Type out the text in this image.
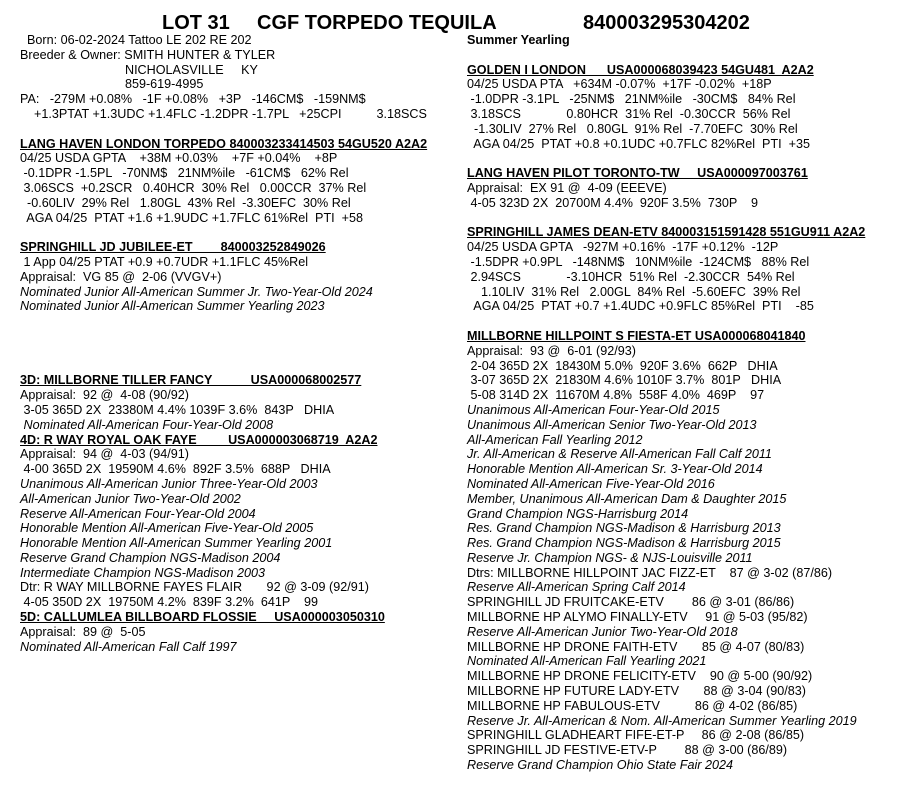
LOT 31 CGF TORPEDO TEQUILA	840003295304202
Born: 06-02-2024 Tattoo LE 202 RE 202
Breeder & Owner: SMITH HUNTER & TYLER
NICHOLASVILLE     KY
859-619-4995
PA:   -279M +0.08%   -1F +0.08%   +3P   -146CM$   -159NM$
+1.3PTAT +1.3UDC +1.4FLC -1.2DPR -1.7PL   +25CPI          3.18SCS
LANG HAVEN LONDON TORPEDO 840003233414503 54GU520 A2A2
04/25 USDA GPTA    +38M +0.03%    +7F +0.04%    +8P
-0.1DPR -1.5PL   -70NM$   21NM%ile   -61CM$   62% Rel
3.06SCS  +0.2SCR   0.40HCR  30% Rel   0.00CCR  37% Rel
-0.60LIV  29% Rel   1.80GL  43% Rel  -3.30EFC  30% Rel
AGA 04/25  PTAT +1.6 +1.9UDC +1.7FLC 61%Rel  PTI  +58
SPRINGHILL JD JUBILEE-ET        840003252849026
1 App 04/25 PTAT +0.9 +0.7UDR +1.1FLC 45%Rel
Appraisal:  VG 85 @  2-06 (VVGV+)
Nominated Junior All-American Summer Jr. Two-Year-Old 2024
Nominated Junior All-American Summer Yearling 2023
3D: MILLBORNE TILLER FANCY           USA000068002577
Appraisal:  92 @  4-08 (90/92)
3-05 365D 2X  23380M 4.4% 1039F 3.6%  843P   DHIA
Nominated All-American Four-Year-Old 2008
4D: R WAY ROYAL OAK FAYE         USA000003068719  A2A2
Appraisal:  94 @  4-03 (94/91)
4-00 365D 2X  19590M 4.6%  892F 3.5%  688P   DHIA
Unanimous All-American Junior Three-Year-Old 2003
All-American Junior Two-Year-Old 2002
Reserve All-American Four-Year-Old 2004
Honorable Mention All-American Five-Year-Old 2005
Honorable Mention All-American Summer Yearling 2001
Reserve Grand Champion NGS-Madison 2004
Intermediate Champion NGS-Madison 2003
Dtr: R WAY MILLBORNE FAYES FLAIR       92 @ 3-09 (92/91)
4-05 350D 2X  19750M 4.2%  839F 3.2%  641P    99
5D: CALLUMLEA BILLBOARD FLOSSIE     USA000003050310
Appraisal:  89 @  5-05
Nominated All-American Fall Calf 1997
Summer Yearling
GOLDEN I LONDON      USA000068039423 54GU481  A2A2
04/25 USDA PTA   +634M -0.07%  +17F -0.02%  +18P
-1.0DPR -3.1PL   -25NM$   21NM%ile   -30CM$   84% Rel
3.18SCS             0.80HCR  31% Rel  -0.30CCR  56% Rel
-1.30LIV  27% Rel   0.80GL  91% Rel  -7.70EFC  30% Rel
AGA 04/25  PTAT +0.8 +0.1UDC +0.7FLC 82%Rel  PTI  +35
LANG HAVEN PILOT TORONTO-TW     USA000097003761
Appraisal:  EX 91 @  4-09 (EEEVE)
4-05 323D 2X  20700M 4.4%  920F 3.5%  730P    9
SPRINGHILL JAMES DEAN-ETV 840003151591428 551GU911 A2A2
04/25 USDA GPTA   -927M +0.16%  -17F +0.12%  -12P
-1.5DPR +0.9PL   -148NM$   10NM%ile  -124CM$   88% Rel
2.94SCS             -3.10HCR  51% Rel  -2.30CCR  54% Rel
1.10LIV  31% Rel   2.00GL  84% Rel  -5.60EFC  39% Rel
AGA 04/25  PTAT +0.7 +1.4UDC +0.9FLC 85%Rel  PTI    -85
MILLBORNE HILLPOINT S FIESTA-ET USA000068041840
Appraisal:  93 @  6-01 (92/93)
2-04 365D 2X  18430M 5.0%  920F 3.6%  662P   DHIA
3-07 365D 2X  21830M 4.6% 1010F 3.7%  801P   DHIA
5-08 314D 2X  11670M 4.8%  558F 4.0%  469P    97
Unanimous All-American Four-Year-Old 2015
Unanimous All-American Senior Two-Year-Old 2013
All-American Fall Yearling 2012
Jr. All-American & Reserve All-American Fall Calf 2011
Honorable Mention All-American Sr. 3-Year-Old 2014
Nominated All-American Five-Year-Old 2016
Member, Unanimous All-American Dam & Daughter 2015
Grand Champion NGS-Harrisburg 2014
Res. Grand Champion NGS-Madison & Harrisburg 2013
Res. Grand Champion NGS-Madison & Harrisburg 2015
Reserve Jr. Champion NGS- & NJS-Louisville 2011
Dtrs: MILLBORNE HILLPOINT JAC FIZZ-ET    87 @ 3-02 (87/86)
Reserve All-American Spring Calf 2014
SPRINGHILL JD FRUITCAKE-ETV        86 @ 3-01 (86/86)
MILLBORNE HP ALYMO FINALLY-ETV     91 @ 5-03 (95/82)
Reserve All-American Junior Two-Year-Old 2018
MILLBORNE HP DRONE FAITH-ETV       85 @ 4-07 (80/83)
Nominated All-American Fall Yearling 2021
MILLBORNE HP DRONE FELICITY-ETV    90 @ 5-00 (90/92)
MILLBORNE HP FUTURE LADY-ETV       88 @ 3-04 (90/83)
MILLBORNE HP FABULOUS-ETV          86 @ 4-02 (86/85)
Reserve Jr. All-American & Nom. All-American Summer Yearling 2019
SPRINGHILL GLADHEART FIFE-ET-P     86 @ 2-08 (86/85)
SPRINGHILL JD FESTIVE-ETV-P        88 @ 3-00 (86/89)
Reserve Grand Champion Ohio State Fair 2024
